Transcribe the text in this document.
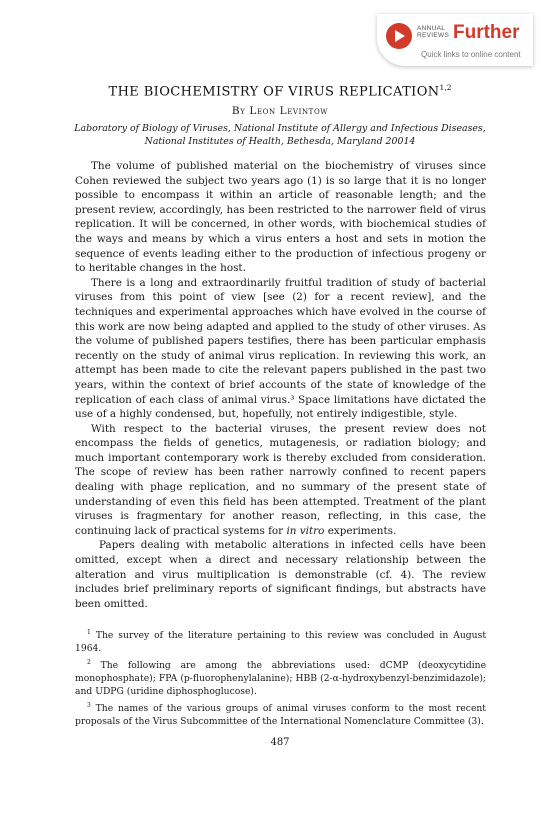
ANNUAL
REVIEWS Further
Quick links to online content
THE BIOCHEMISTRY OF VIRUS REPLICATION$^{1,2}$
By Leon Levintow
Laboratory of Biology of Viruses, National Institute of Allergy and Infectious Diseases, National Institutes of Health, Bethesda, Maryland 20014

The volume of published material on the biochemistry of viruses since Cohen reviewed the subject two years ago (1) is so large that it is no longer possible to encompass it within an article of reasonable length; and the present review, accordingly, has been restricted to the narrower field of virus replication. It will be concerned, in other words, with biochemical studies of the ways and means by which a virus enters a host and sets in motion the sequence of events leading either to the production of infectious progeny or to heritable changes in the host.

There is a long and extraordinarily fruitful tradition of study of bacterial viruses from this point of view [see (2) for a recent review], and the techniques and experimental approaches which have evolved in the course of this work are now being adapted and applied to the study of other viruses. As the volume of published papers testifies, there has been particular emphasis recently on the study of animal virus replication. In reviewing this work, an attempt has been made to cite the relevant papers published in the past two years, within the context of brief accounts of the state of knowledge of the replication of each class of animal virus.³ Space limitations have dictated the use of a highly condensed, but, hopefully, not entirely indigestible, style.

With respect to the bacterial viruses, the present review does not encompass the fields of genetics, mutagenesis, or radiation biology; and much important contemporary work is thereby excluded from consideration. The scope of review has been rather narrowly confined to recent papers dealing with phage replication, and no summary of the present state of understanding of even this field has been attempted. Treatment of the plant viruses is fragmentary for another reason, reflecting, in this case, the continuing lack of practical systems for in vitro experiments.

Papers dealing with metabolic alterations in infected cells have been omitted, except when a direct and necessary relationship between the alteration and virus multiplication is demonstrable (cf. 4). The review includes brief preliminary reports of significant findings, but abstracts have been omitted.

$^1$ The survey of the literature pertaining to this review was concluded in August 1964.

$^2$ The following are among the abbreviations used: dCMP (deoxycytidine monophosphate); FPA (p-fluorophenylalanine); HBB (2-α-hydroxybenzyl-benzimidazole); and UDPG (uridine diphosphoglucose).

$^3$ The names of the various groups of animal viruses conform to the most recent proposals of the Virus Subcommittee of the International Nomenclature Committee (3).

487
